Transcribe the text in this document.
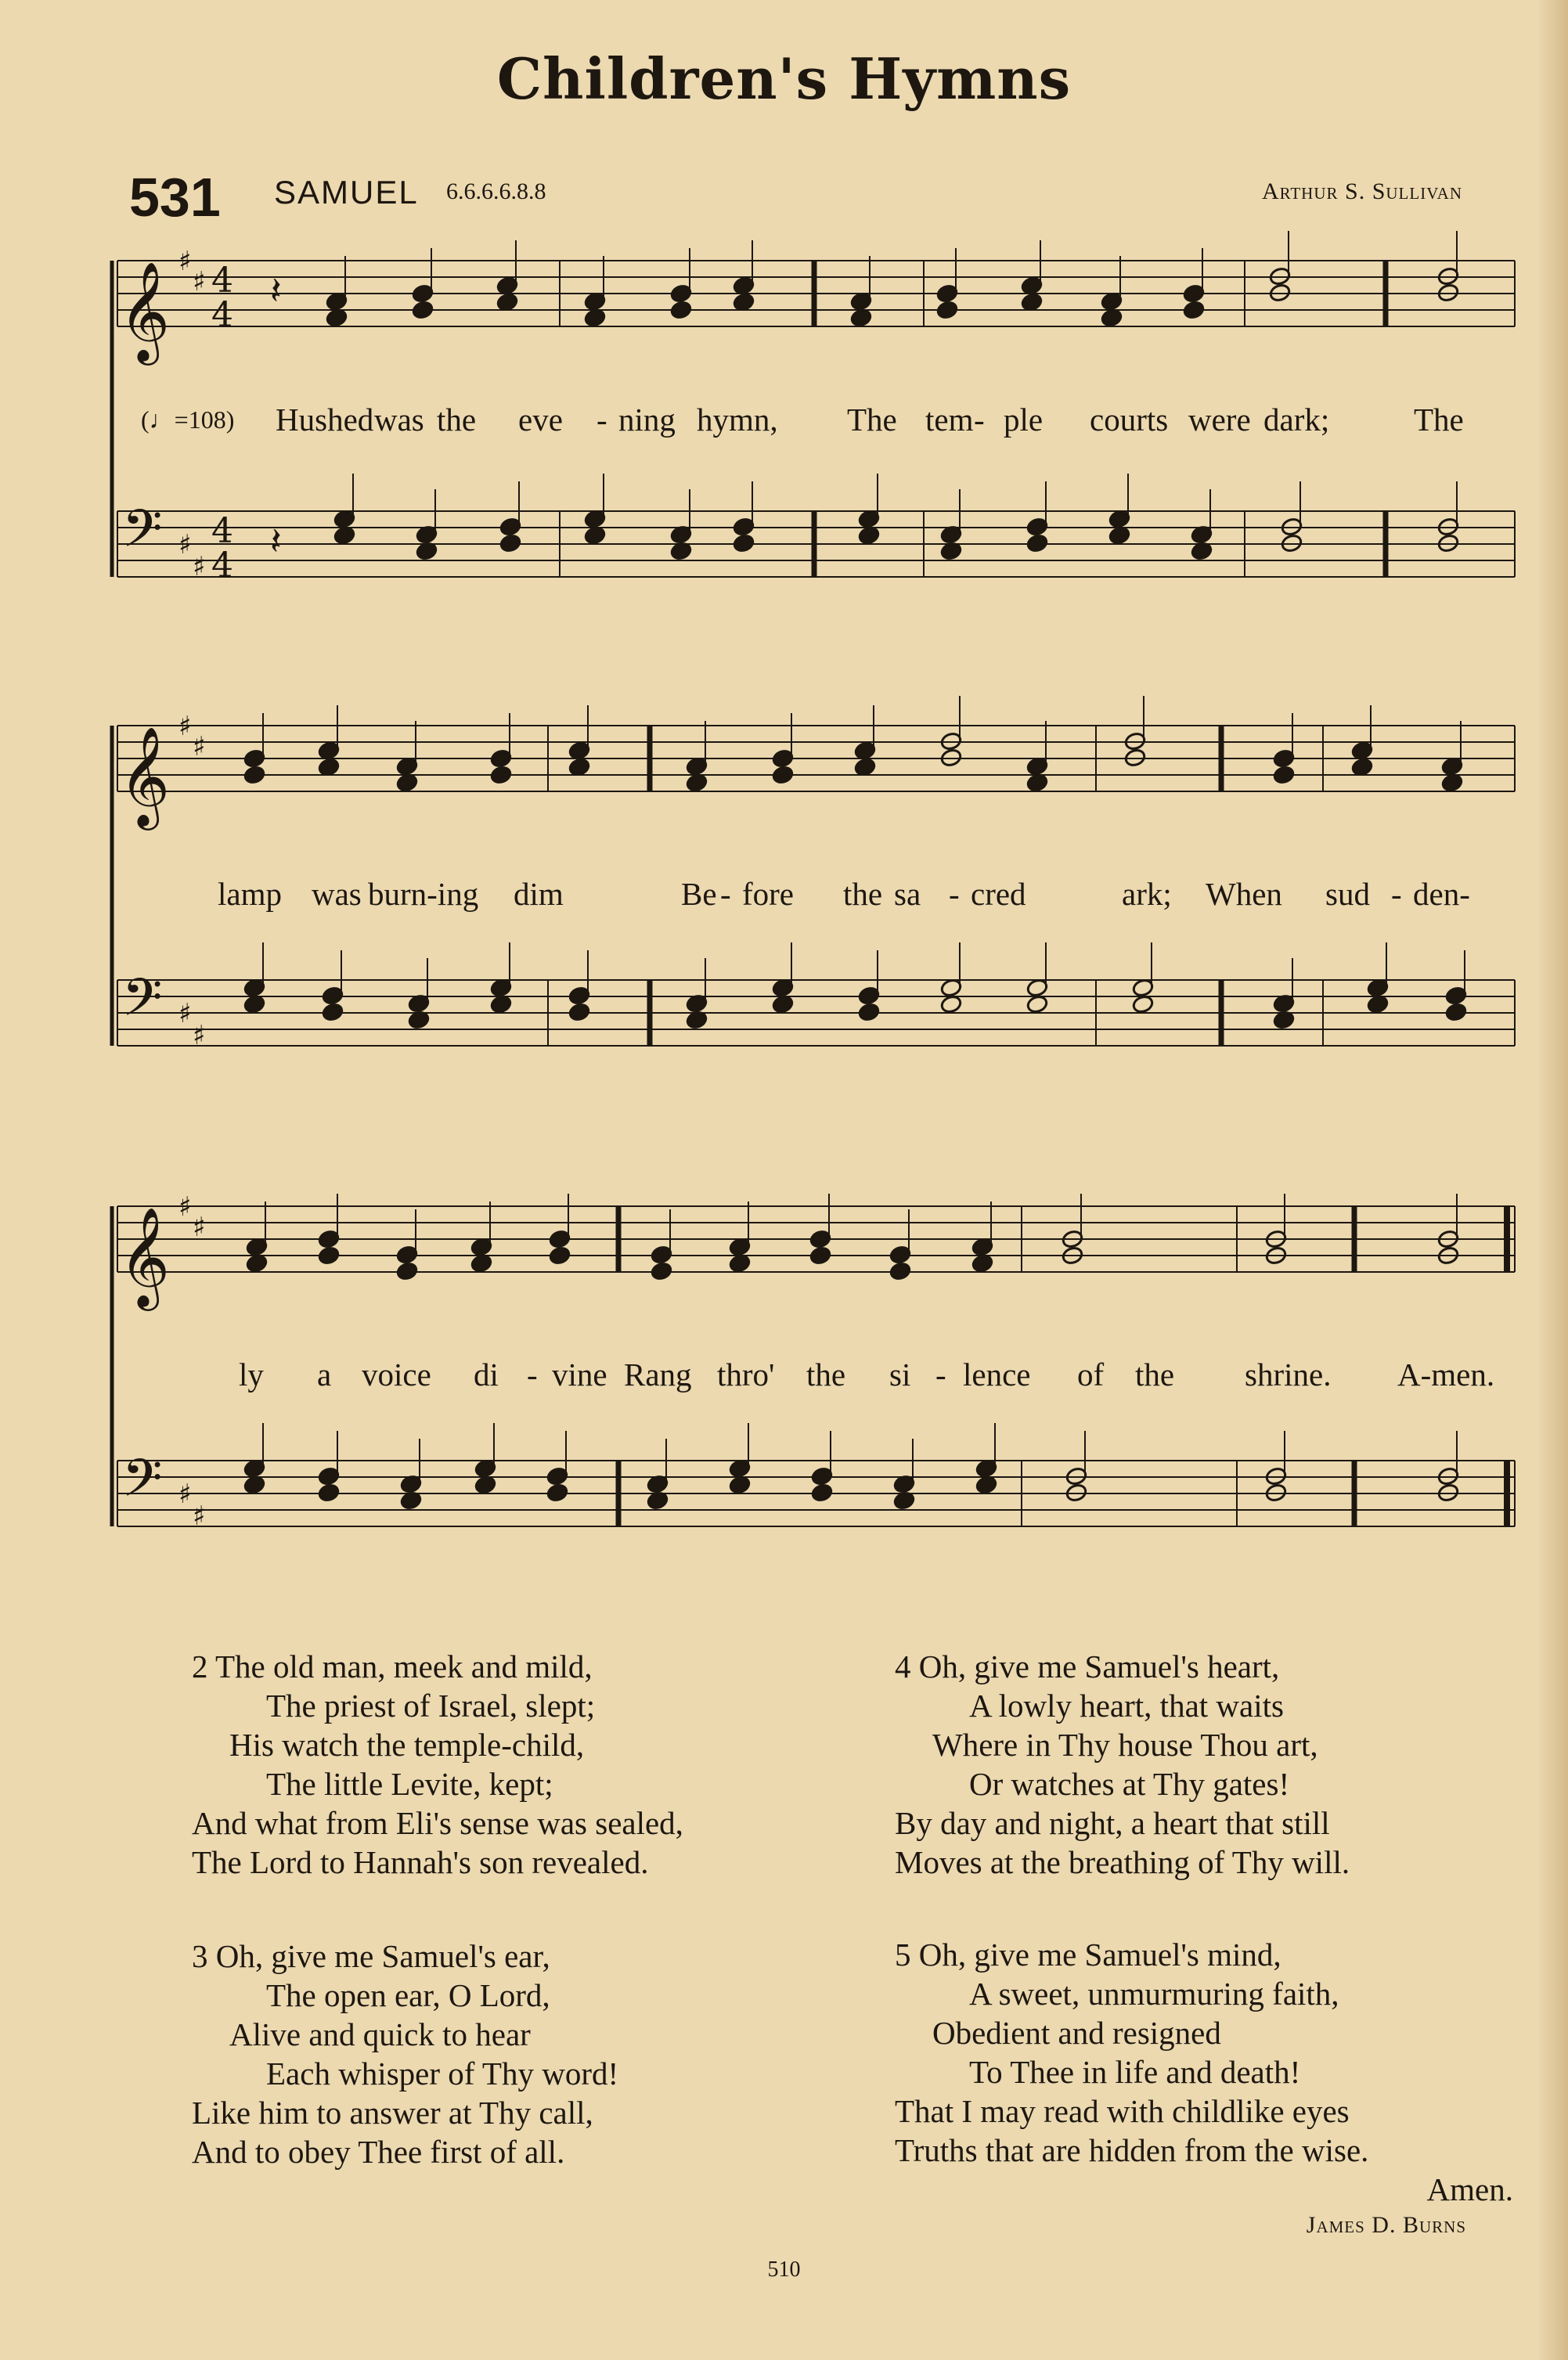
Children's Hymns
531 SAMUEL 6.6.6.6.8.8	Arthur S. Sullivan
𝄞 ♯
♯ 4
4
𝄢 ♯
♯
4
4
𝄞 ♯
♯
𝄢 ♯
♯
𝄞 ♯
♯
𝄢 ♯
♯
𝄽
𝄽
(♩=108) Hushed was the eve - ning hymn, The tem - ple courts were dark;	The
lamp was burn-ing dim	Be - fore the sa - cred	ark; When sud - den-
ly a voice di - vine Rang thro' the si - lence of the shrine. A-men.
2 The old man, meek and mild,
The priest of Israel, slept;
His watch the temple-child,
The little Levite, kept;
And what from Eli's sense was sealed,
The Lord to Hannah's son revealed.
3 Oh, give me Samuel's ear,
The open ear, O Lord,
Alive and quick to hear
Each whisper of Thy word!
Like him to answer at Thy call,
And to obey Thee first of all.
4 Oh, give me Samuel's heart,
A lowly heart, that waits
Where in Thy house Thou art,
Or watches at Thy gates!
By day and night, a heart that still
Moves at the breathing of Thy will.
5 Oh, give me Samuel's mind,
A sweet, unmurmuring faith,
Obedient and resigned
To Thee in life and death!
That I may read with childlike eyes
Truths that are hidden from the wise.
Amen.
James D. Burns
510
